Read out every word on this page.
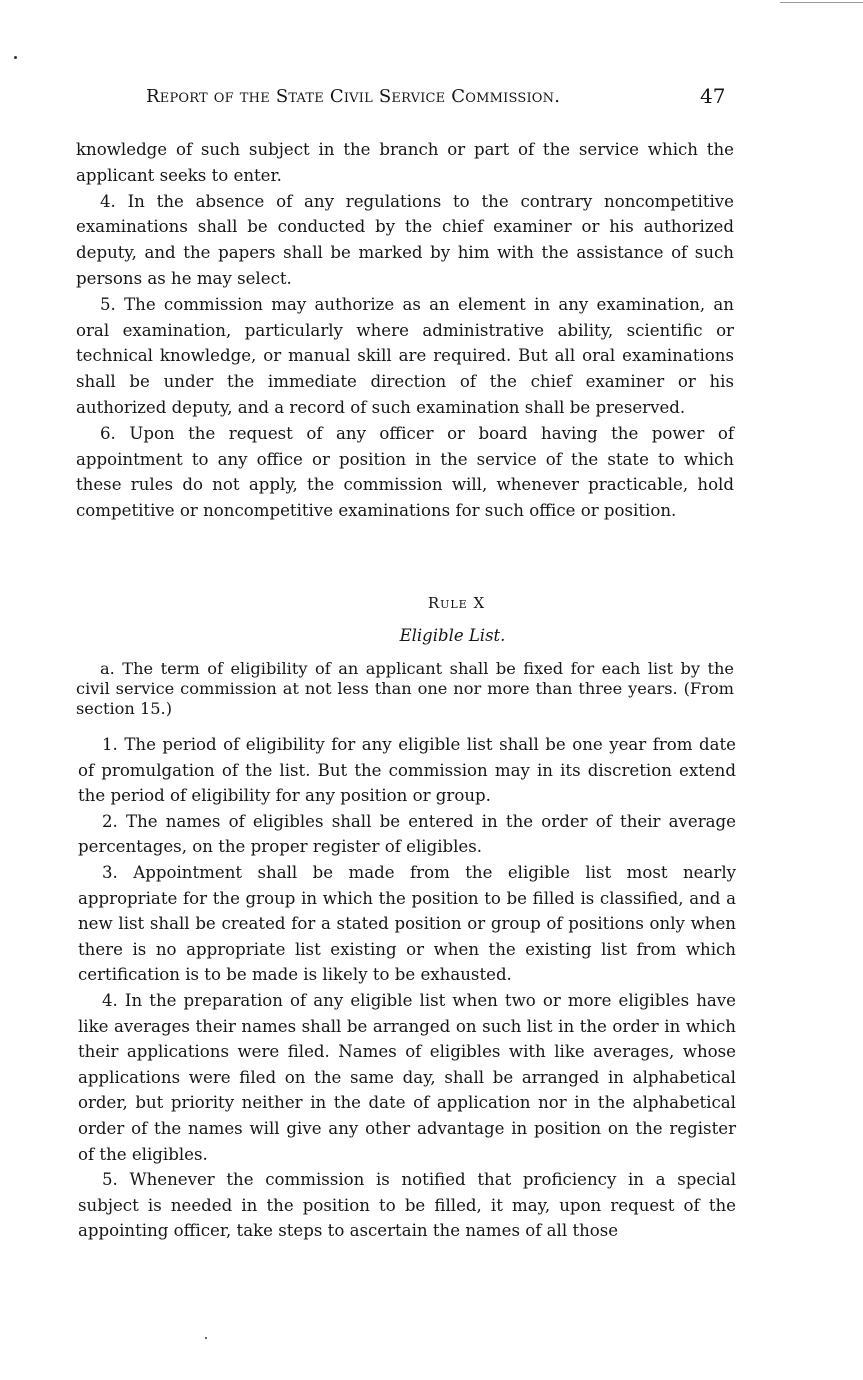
Report of the State Civil Service Commission.	47

knowledge of such subject in the branch or part of the service which the applicant seeks to enter.

4. In the absence of any regulations to the contrary noncompetitive examinations shall be conducted by the chief examiner or his authorized deputy, and the papers shall be marked by him with the assistance of such persons as he may select.

5. The commission may authorize as an element in any examination, an oral examination, particularly where administrative ability, scientific or technical knowledge, or manual skill are required. But all oral examinations shall be under the immediate direction of the chief examiner or his authorized deputy, and a record of such examination shall be preserved.

6. Upon the request of any officer or board having the power of appointment to any office or position in the service of the state to which these rules do not apply, the commission will, whenever practicable, hold competitive or noncompetitive examinations for such office or position.

Rule X
Eligible List.

a. The term of eligibility of an applicant shall be fixed for each list by the civil service commission at not less than one nor more than three years. (From section 15.)

1. The period of eligibility for any eligible list shall be one year from date of promulgation of the list. But the commission may in its discretion extend the period of eligibility for any position or group.

2. The names of eligibles shall be entered in the order of their average percentages, on the proper register of eligibles.

3. Appointment shall be made from the eligible list most nearly appropriate for the group in which the position to be filled is classified, and a new list shall be created for a stated position or group of positions only when there is no appropriate list existing or when the existing list from which certification is to be made is likely to be exhausted.

4. In the preparation of any eligible list when two or more eligibles have like averages their names shall be arranged on such list in the order in which their applications were filed. Names of eligibles with like averages, whose applications were filed on the same day, shall be arranged in alphabetical order, but priority neither in the date of application nor in the alphabetical order of the names will give any other advantage in position on the register of the eligibles.

5. Whenever the commission is notified that proficiency in a special subject is needed in the position to be filled, it may, upon request of the appointing officer, take steps to ascertain the names of all those
